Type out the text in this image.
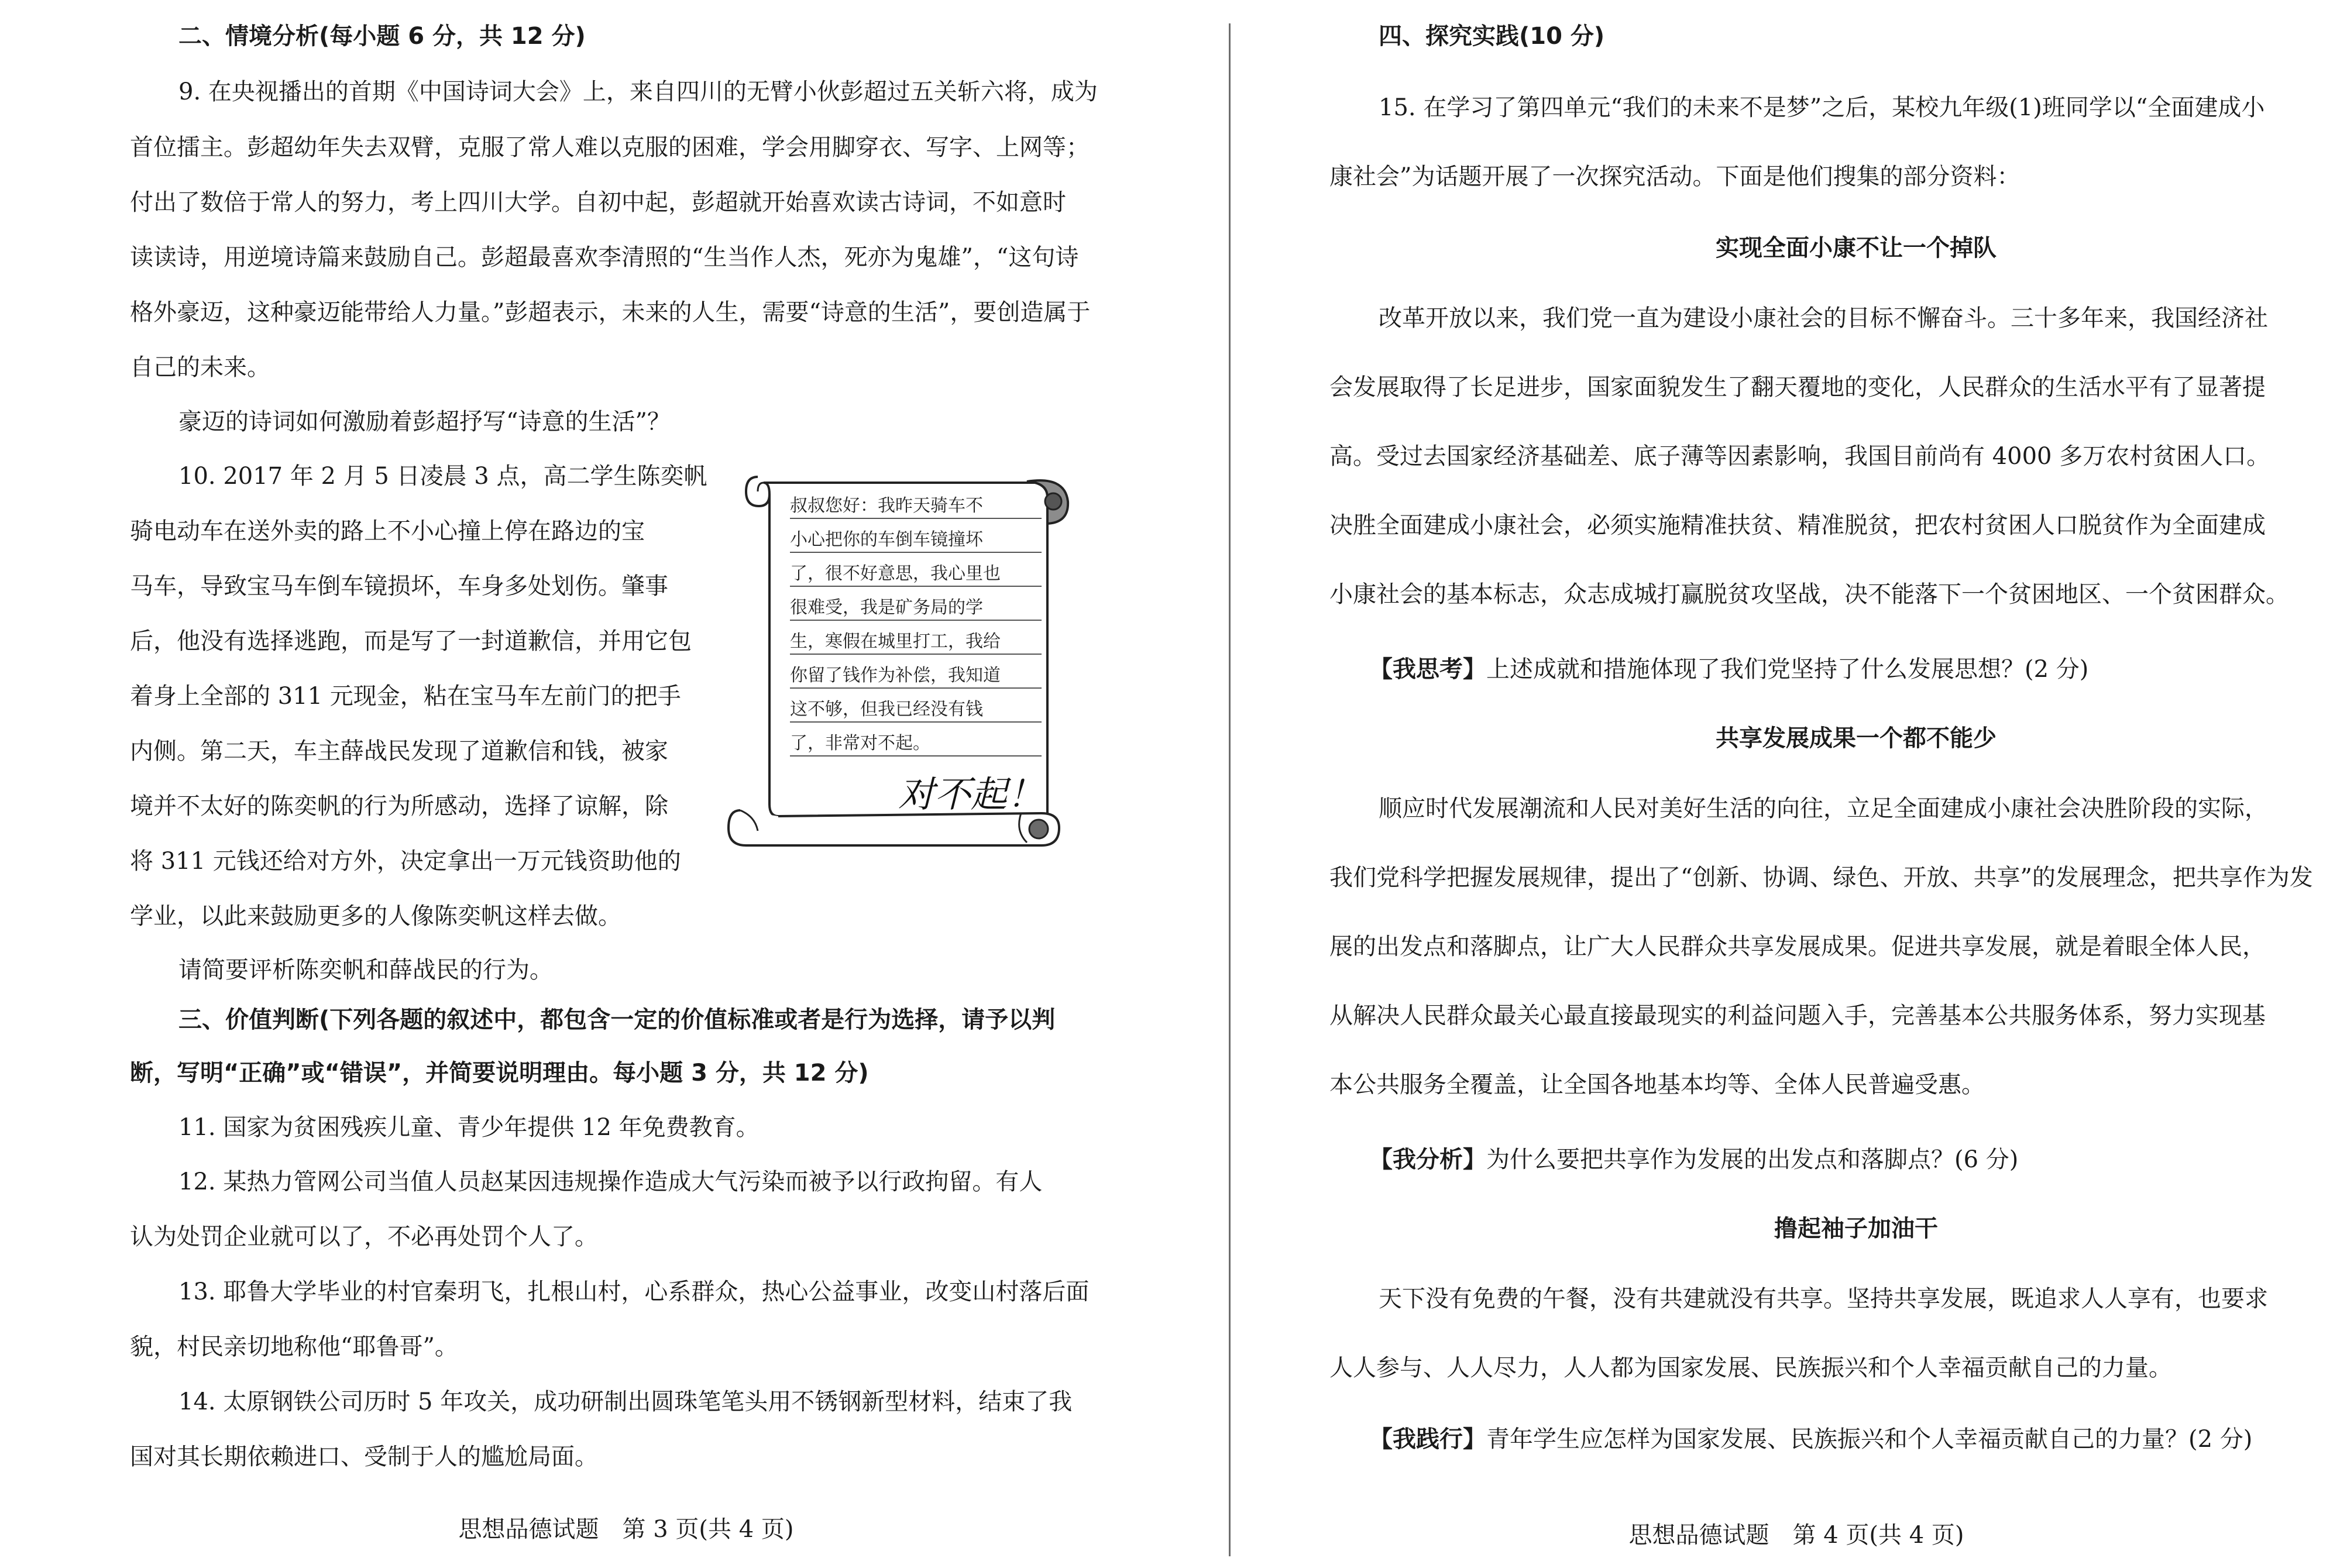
二、情境分析(每小题 6 分，共 12 分)
9. 在央视播出的首期《中国诗词大会》上，来自四川的无臂小伙彭超过五关斩六将，成为
首位擂主。彭超幼年失去双臂，克服了常人难以克服的困难，学会用脚穿衣、写字、上网等；
付出了数倍于常人的努力，考上四川大学。自初中起，彭超就开始喜欢读古诗词，不如意时
读读诗，用逆境诗篇来鼓励自己。彭超最喜欢李清照的“生当作人杰，死亦为鬼雄”，“这句诗
格外豪迈，这种豪迈能带给人力量。”彭超表示，未来的人生，需要“诗意的生活”，要创造属于
自己的未来。
豪迈的诗词如何激励着彭超抒写“诗意的生活”？
10. 2017 年 2 月 5 日凌晨 3 点，高二学生陈奕帆
骑电动车在送外卖的路上不小心撞上停在路边的宝
马车，导致宝马车倒车镜损坏，车身多处划伤。肇事
后，他没有选择逃跑，而是写了一封道歉信，并用它包
着身上全部的 311 元现金，粘在宝马车左前门的把手
内侧。第二天，车主薛战民发现了道歉信和钱，被家
境并不太好的陈奕帆的行为所感动，选择了谅解，除
将 311 元钱还给对方外，决定拿出一万元钱资助他的
学业，以此来鼓励更多的人像陈奕帆这样去做。
叔叔您好：我昨天骑车不
小心把你的车倒车镜撞坏
了，很不好意思，我心里也
很难受，我是矿务局的学
生，寒假在城里打工，我给
你留了钱作为补偿，我知道
这不够，但我已经没有钱
了，非常对不起。
对不起！
请简要评析陈奕帆和薛战民的行为。
三、价值判断(下列各题的叙述中，都包含一定的价值标准或者是行为选择，请予以判
断，写明“正确”或“错误”，并简要说明理由。每小题 3 分，共 12 分)
11. 国家为贫困残疾儿童、青少年提供 12 年免费教育。
12. 某热力管网公司当值人员赵某因违规操作造成大气污染而被予以行政拘留。有人
认为处罚企业就可以了，不必再处罚个人了。
13. 耶鲁大学毕业的村官秦玥飞，扎根山村，心系群众，热心公益事业，改变山村落后面
貌，村民亲切地称他“耶鲁哥”。
14. 太原钢铁公司历时 5 年攻关，成功研制出圆珠笔笔头用不锈钢新型材料，结束了我
国对其长期依赖进口、受制于人的尴尬局面。
思想品德试题　第 3 页(共 4 页)
四、探究实践(10 分)
15. 在学习了第四单元“我们的未来不是梦”之后，某校九年级(1)班同学以“全面建成小
康社会”为话题开展了一次探究活动。下面是他们搜集的部分资料：
实现全面小康不让一个掉队
改革开放以来，我们党一直为建设小康社会的目标不懈奋斗。三十多年来，我国经济社
会发展取得了长足进步，国家面貌发生了翻天覆地的变化，人民群众的生活水平有了显著提
高。受过去国家经济基础差、底子薄等因素影响，我国目前尚有 4000 多万农村贫困人口。
决胜全面建成小康社会，必须实施精准扶贫、精准脱贫，把农村贫困人口脱贫作为全面建成
小康社会的基本标志，众志成城打赢脱贫攻坚战，决不能落下一个贫困地区、一个贫困群众。
【我思考】上述成就和措施体现了我们党坚持了什么发展思想？(2 分)
共享发展成果一个都不能少
顺应时代发展潮流和人民对美好生活的向往，立足全面建成小康社会决胜阶段的实际，
我们党科学把握发展规律，提出了“创新、协调、绿色、开放、共享”的发展理念，把共享作为发
展的出发点和落脚点，让广大人民群众共享发展成果。促进共享发展，就是着眼全体人民，
从解决人民群众最关心最直接最现实的利益问题入手，完善基本公共服务体系，努力实现基
本公共服务全覆盖，让全国各地基本均等、全体人民普遍受惠。
【我分析】为什么要把共享作为发展的出发点和落脚点？(6 分)
撸起袖子加油干
天下没有免费的午餐，没有共建就没有共享。坚持共享发展，既追求人人享有，也要求
人人参与、人人尽力，人人都为国家发展、民族振兴和个人幸福贡献自己的力量。
【我践行】青年学生应怎样为国家发展、民族振兴和个人幸福贡献自己的力量？(2 分)
思想品德试题　第 4 页(共 4 页)
